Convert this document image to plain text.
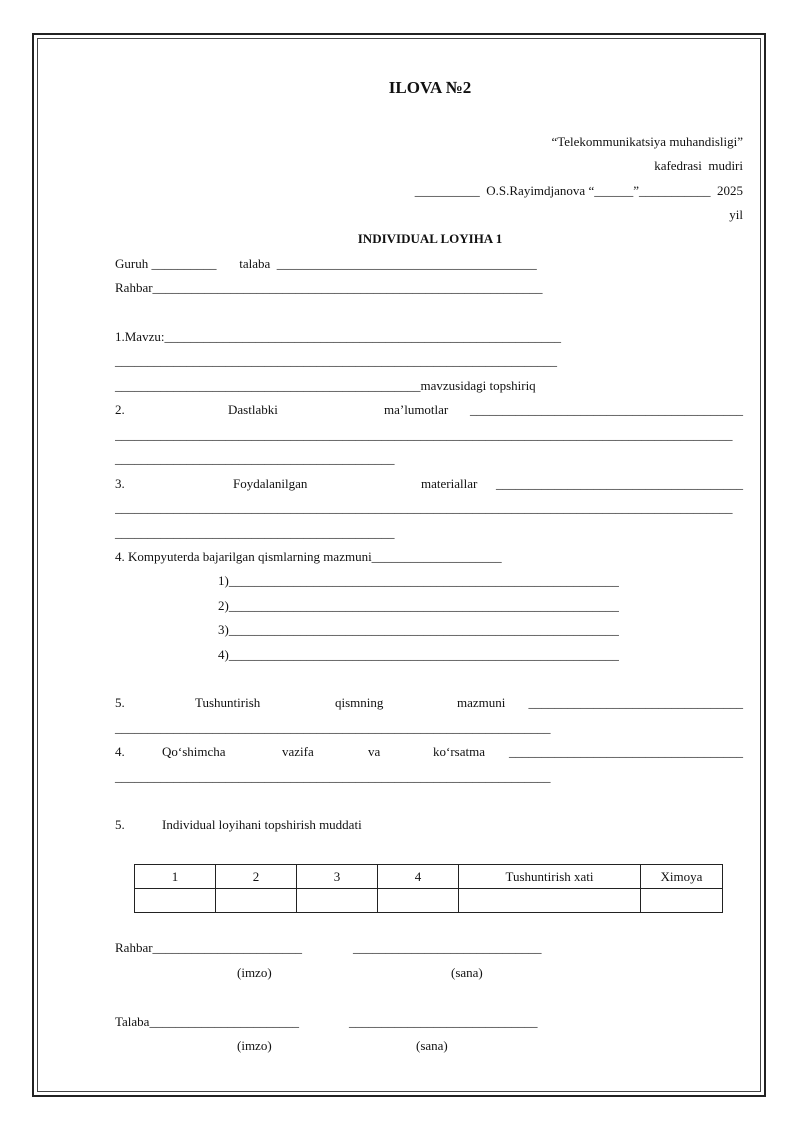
ILOVA №2
“Telekommunikatsiya muhandisligi”
kafedrasi  mudiri
__________  O.S.Rayimdjanova “______”___________  2025
yil
INDIVIDUAL LOYIHA 1
Guruh __________       talaba  ________________________________________
Rahbar____________________________________________________________
1.Mavzu:_____________________________________________________________
____________________________________________________________________
_______________________________________________mavzusidagi topshiriq
2.	Dastlabki	ma’lumotlar __________________________________________
_______________________________________________________________________________________________
___________________________________________
3.	Foydalanilgan	materiallar ______________________________________
_______________________________________________________________________________________________
___________________________________________
4. Kompyuterda bajarilgan qismlarning mazmuni____________________
1)____________________________________________________________
2)____________________________________________________________
3)____________________________________________________________
4)____________________________________________________________
5.	Tushuntirish	qismning	mazmuni _________________________________
___________________________________________________________________
4.	Qo‘shimcha	vazifa	va	ko‘rsatma ____________________________________
___________________________________________________________________
5.	Individual loyihani topshirish muddati
1	2	3	4	Tushuntirish xati	Ximoya

Rahbar_______________________	_____________________________
(imzo)	(sana)
Talaba_______________________	_____________________________
(imzo)	(sana)
